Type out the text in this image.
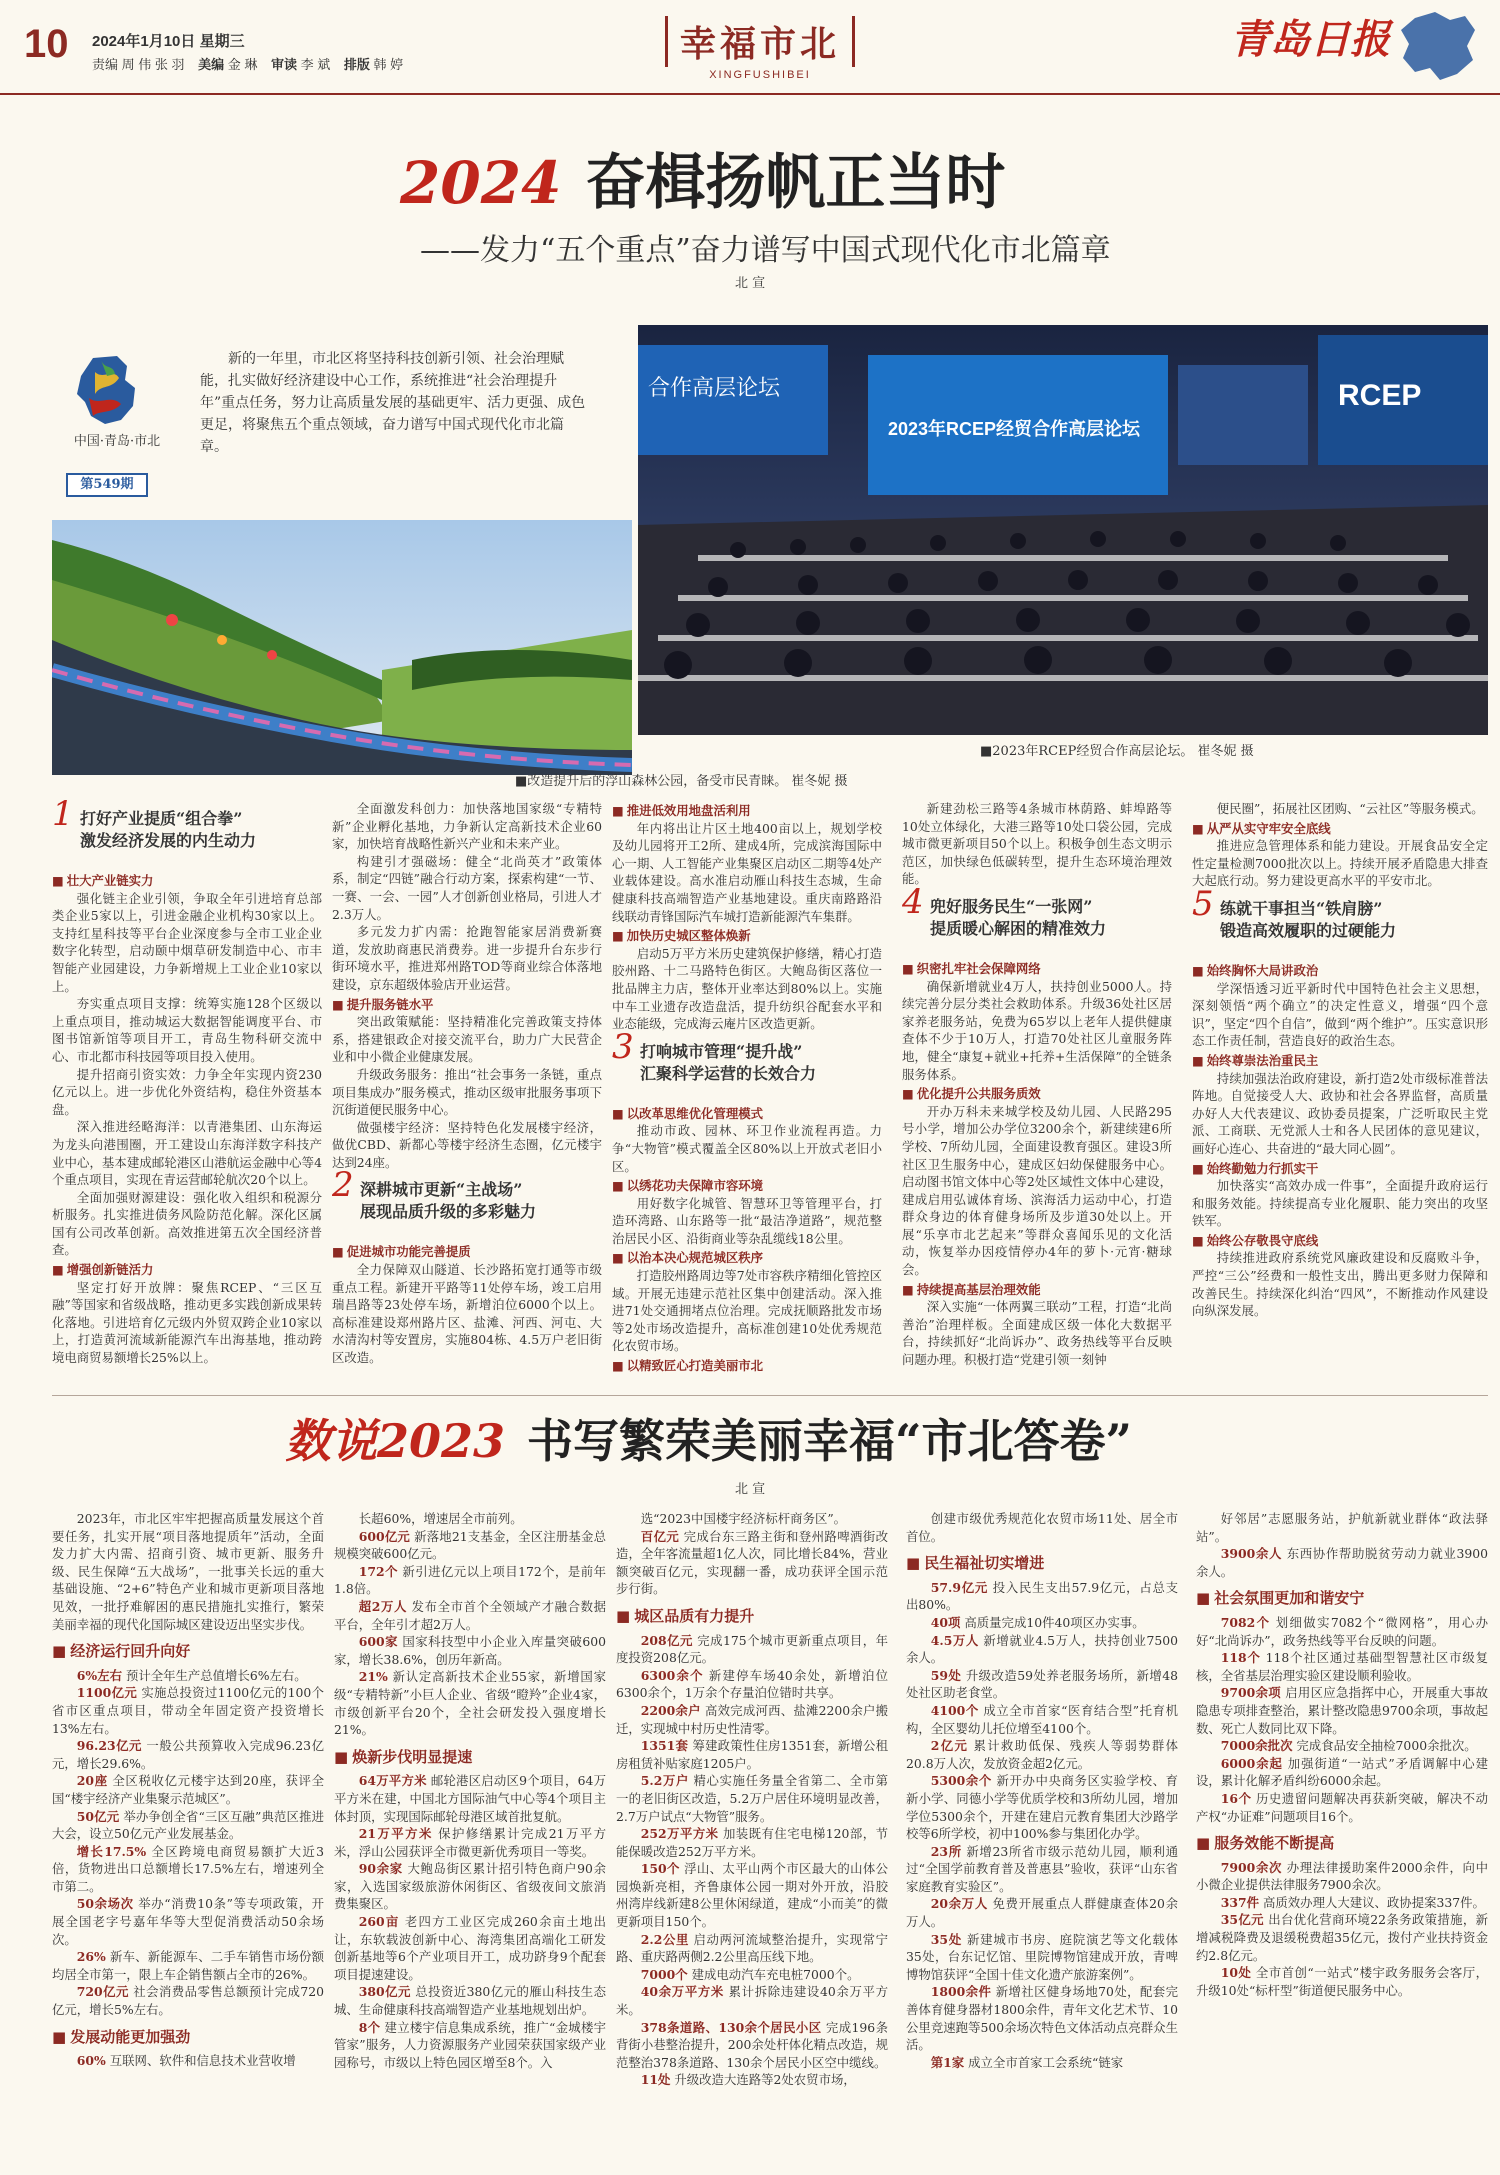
10 2024年1月10日 星期三
责编 周 伟 张 羽 美编 金 琳 审读 李 斌 排版 韩 婷	幸福市北
XINGFUSHIBEI
青岛日报
2024 奋楫扬帆正当时
——发力“五个重点”奋力谱写中国式现代化市北篇章
北 宣
中国·青岛·市北
第549期

新的一年里，市北区将坚持科技创新引领、社会治理赋能，扎实做好经济建设中心工作，系统推进“社会治理提升年”重点任务，努力让高质量发展的基础更牢、活力更强、成色更足，将聚焦五个重点领域，奋力谱写中国式现代化市北篇章。

■改造提升后的浮山森林公园，备受市民青睐。 崔冬妮 摄
合作高层论坛
2023年RCEP经贸合作高层论坛
RCEP
■2023年RCEP经贸合作高层论坛。 崔冬妮 摄
1 打好产业提质“组合拳”
激发经济发展的内生动力

■ 壮大产业链实力

强化链主企业引领，争取全年引进培育总部类企业5家以上，引进金融企业机构30家以上。支持红星科技等平台企业深度参与全市工业企业数字化转型，启动颐中烟草研发制造中心、市丰智能产业园建设，力争新增规上工业企业10家以上。

夯实重点项目支撑：统筹实施128个区级以上重点项目，推动城运大数据智能调度平台、市图书馆新馆等项目开工，青岛生物科研交流中心、市北都市科技园等项目投入使用。

提升招商引资实效：力争全年实现内资230亿元以上。进一步优化外资结构，稳住外资基本盘。

深入推进经略海洋：以青港集团、山东海运为龙头向港围圈，开工建设山东海洋数字科技产业中心，基本建成邮轮港区山港航运金融中心等4个重点项目，实现在青运营邮轮航次20个以上。

全面加强财源建设：强化收入组织和税源分析服务。扎实推进债务风险防范化解。深化区属国有公司改革创新。高效推进第五次全国经济普查。

■ 增强创新链活力

坚定打好开放牌：聚焦RCEP、“三区互融”等国家和省级战略，推动更多实践创新成果转化落地。引进培育亿元级内外贸双跨企业10家以上，打造黄河流域新能源汽车出海基地，推动跨境电商贸易额增长25%以上。

全面激发科创力：加快落地国家级“专精特新”企业孵化基地，力争新认定高新技术企业60家，加快培育战略性新兴产业和未来产业。

构建引才强磁场：健全“北尚英才”政策体系，制定“四链”融合行动方案，探索构建“一节、一赛、一会、一园”人才创新创业格局，引进人才2.3万人。

多元发力扩内需：抢跑智能家居消费新赛道，发放助商惠民消费券。进一步提升台东步行街环境水平，推进郑州路TOD等商业综合体落地建设，京东超级体验店开业运营。

■ 提升服务链水平

突出政策赋能：坚持精准化完善政策支持体系，搭建银政企对接交流平台，助力广大民营企业和中小微企业健康发展。

升级政务服务：推出“社会事务一条链，重点项目集成办”服务模式，推动区级审批服务事项下沉街道便民服务中心。

做强楼宇经济：坚持特色化发展楼宇经济，做优CBD、新都心等楼宇经济生态圈，亿元楼宇达到24座。

2 深耕城市更新“主战场”
展现品质升级的多彩魅力

■ 促进城市功能完善提质

全力保障双山隧道、长沙路拓宽打通等市级重点工程。新建开平路等11处停车场，竣工启用瑞昌路等23处停车场，新增泊位6000个以上。高标准建设郑州路片区、盐滩、河西、河屯、大水清沟村等安置房，实施804栋、4.5万户老旧街区改造。

■ 推进低效用地盘活利用

年内将出让片区土地400亩以上，规划学校及幼儿园将开工2所、建成4所，完成滨海国际中心一期、人工智能产业集聚区启动区二期等4处产业载体建设。高水准启动雁山科技生态城，生命健康科技高端智造产业基地建设。重庆南路路沿线联动青锋国际汽车城打造新能源汽车集群。

■ 加快历史城区整体焕新

启动5万平方米历史建筑保护修缮，精心打造胶州路、十二马路特色街区。大鲍岛街区落位一批品牌主力店，整体开业率达到80%以上。实施中车工业遗存改造盘活，提升纺织谷配套水平和业态能级，完成海云庵片区改造更新。

3 打响城市管理“提升战”
汇聚科学运营的长效合力

■ 以改革思维优化管理模式

推动市政、园林、环卫作业流程再造。力争“大物管”模式覆盖全区80%以上开放式老旧小区。

■ 以绣花功夫保障市容环境

用好数字化城管、智慧环卫等管理平台，打造环湾路、山东路等一批“最洁净道路”，规范整治居民小区、沿街商业等杂乱缆线18公里。

■ 以治本决心规范城区秩序

打造胶州路周边等7处市容秩序精细化管控区域。开展无违建示范社区集中创建活动。深入推进71处交通拥堵点位治理。完成抚顺路批发市场等2处市场改造提升，高标准创建10处优秀规范化农贸市场。

■ 以精致匠心打造美丽市北

新建劲松三路等4条城市林荫路、蚌埠路等10处立体绿化，大港三路等10处口袋公园，完成城市微更新项目50个以上。积极争创生态文明示范区，加快绿色低碳转型，提升生态环境治理效能。

4 兜好服务民生“一张网”
提质暖心解困的精准效力

■ 织密扎牢社会保障网络

确保新增就业4万人，扶持创业5000人。持续完善分层分类社会救助体系。升级36处社区居家养老服务站，免费为65岁以上老年人提供健康查体不少于10万人，打造70处社区儿童服务阵地，健全“康复+就业+托养+生活保障”的全链条服务体系。

■ 优化提升公共服务质效

开办万科未来城学校及幼儿园、人民路295号小学，增加公办学位3200余个，新建续建6所学校、7所幼儿园，全面建设教育强区。建设3所社区卫生服务中心，建成区妇幼保健服务中心。启动图书馆文体中心等2处区域性文体中心建设，建成启用弘诚体育场、滨海活力运动中心，打造群众身边的体育健身场所及步道30处以上。开展“乐享市北艺起来”等群众喜闻乐见的文化活动，恢复举办因疫情停办4年的萝卜·元宵·糖球会。

■ 持续提高基层治理效能

深入实施“一体两翼三联动”工程，打造“北尚善治”治理样板。全面建成区级一体化大数据平台，持续抓好“北尚诉办”、政务热线等平台反映问题办理。积极打造“党建引领一刻钟

便民圈”，拓展社区团购、“云社区”等服务模式。

■ 从严从实守牢安全底线

推进应急管理体系和能力建设。开展食品安全定性定量检测7000批次以上。持续开展矛盾隐患大排查大起底行动。努力建设更高水平的平安市北。

5 练就干事担当“铁肩膀”
锻造高效履职的过硬能力

■ 始终胸怀大局讲政治

学深悟透习近平新时代中国特色社会主义思想，深刻领悟“两个确立”的决定性意义，增强“四个意识”，坚定“四个自信”，做到“两个维护”。压实意识形态工作责任制，营造良好的政治生态。

■ 始终尊崇法治重民主

持续加强法治政府建设，新打造2处市级标准普法阵地。自觉接受人大、政协和社会各界监督，高质量办好人大代表建议、政协委员提案，广泛听取民主党派、工商联、无党派人士和各人民团体的意见建议，画好心连心、共奋进的“最大同心圆”。

■ 始终勤勉力行抓实干

加快落实“高效办成一件事”，全面提升政府运行和服务效能。持续提高专业化履职、能力突出的攻坚铁军。

■ 始终公存敬畏守底线

持续推进政府系统党风廉政建设和反腐败斗争，严控“三公”经费和一般性支出，腾出更多财力保障和改善民生。持续深化纠治“四风”，不断推动作风建设向纵深发展。

数说2023 书写繁荣美丽幸福“市北答卷”
北 宣

2023年，市北区牢牢把握高质量发展这个首要任务，扎实开展“项目落地提质年”活动，全面发力扩大内需、招商引资、城市更新、服务升级、民生保障“五大战场”，一批事关长远的重大基础设施、“2+6”特色产业和城市更新项目落地见效，一批抒难解困的惠民措施扎实推行，繁荣美丽幸福的现代化国际城区建设迈出坚实步伐。

■ 经济运行回升向好

6%左右 预计全年生产总值增长6%左右。

1100亿元 实施总投资过1100亿元的100个省市区重点项目，带动全年固定资产投资增长13%左右。

96.23亿元 一般公共预算收入完成96.23亿元，增长29.6%。

20座 全区税收亿元楼宇达到20座，获评全国“楼宇经济产业集聚示范城区”。

50亿元 举办争创全省“三区互融”典范区推进大会，设立50亿元产业发展基金。

增长17.5% 全区跨境电商贸易额扩大近3倍，货物进出口总额增长17.5%左右，增速列全市第二。

50余场次 举办“消费10条”等专项政策，开展全国老字号嘉年华等大型促消费活动50余场次。

26% 新车、新能源车、二手车销售市场份额均居全市第一，限上车企销售额占全市的26%。

720亿元 社会消费品零售总额预计完成720亿元，增长5%左右。

■ 发展动能更加强劲

60% 互联网、软件和信息技术业营收增

长超60%，增速居全市前列。

600亿元 新落地21支基金，全区注册基金总规模突破600亿元。

172个 新引进亿元以上项目172个，是前年1.8倍。

超2万人 发布全市首个全领域产才融合数据平台，全年引才超2万人。

600家 国家科技型中小企业入库量突破600家，增长38.6%，创历年新高。

21% 新认定高新技术企业55家，新增国家级“专精特新”小巨人企业、省级“瞪羚”企业4家，市级创新平台20个，全社会研发投入强度增长21%。

■ 焕新步伐明显提速

64万平方米 邮轮港区启动区9个项目，64万平方米在建，中国北方国际油气中心等4个项目主体封顶，实现国际邮轮母港区域首批复航。

21万平方米 保护修缮累计完成21万平方米，浮山公园获评全市微更新优秀项目一等奖。

90余家 大鲍岛街区累计招引特色商户90余家，入选国家级旅游休闲街区、省级夜间文旅消费集聚区。

260亩 老四方工业区完成260余亩土地出让，东软载波创新中心、海湾集团高端化工研发创新基地等6个产业项目开工，成功跻身9个配套项目提速建设。

380亿元 总投资近380亿元的雁山科技生态城、生命健康科技高端智造产业基地规划出炉。

8个 建立楼宇信息集成系统，推广“金城楼宇管家”服务，人力资源服务产业园荣获国家级产业园称号，市级以上特色园区增至8个。入

选“2023中国楼宇经济标杆商务区”。

百亿元 完成台东三路主街和登州路啤酒街改造，全年客流量超1亿人次，同比增长84%，营业额突破百亿元，实现翻一番，成功获评全国示范步行街。

■ 城区品质有力提升

208亿元 完成175个城市更新重点项目，年度投资208亿元。

6300余个 新建停车场40余处，新增泊位6300余个，1万余个存量泊位错时共享。

2200余户 高效完成河西、盐滩2200余户搬迁，实现城中村历史性清零。

1351套 筹建政策性住房1351套，新增公租房租赁补贴家庭1205户。

5.2万户 精心实施任务量全省第二、全市第一的老旧街区改造，5.2万户居住环境明显改善，2.7万户试点“大物管”服务。

252万平方米 加装既有住宅电梯120部，节能保暖改造252万平方米。

150个 浮山、太平山两个市区最大的山体公园焕新亮相，齐鲁康体公园一期对外开放，沿胶州湾岸线新建8公里休闲绿道，建成“小而美”的微更新项目150个。

2.2公里 启动两河流域整治提升，实现常宁路、重庆路两侧2.2公里高压线下地。

7000个 建成电动汽车充电桩7000个。

40余万平方米 累计拆除违建设40余万平方米。

378条道路、130余个居民小区 完成196条背街小巷整治提升，200余处杆体化精点改造，规范整治378条道路、130余个居民小区空中缆线。

11处 升级改造大连路等2处农贸市场，

创建市级优秀规范化农贸市场11处、居全市首位。

■ 民生福祉切实增进

57.9亿元 投入民生支出57.9亿元，占总支出80%。

40项 高质量完成10件40项区办实事。

4.5万人 新增就业4.5万人，扶持创业7500余人。

59处 升级改造59处养老服务场所，新增48处社区助老食堂。

4100个 成立全市首家“医育结合型”托育机构，全区婴幼儿托位增至4100个。

2亿元 累计救助低保、残疾人等弱势群体20.8万人次，发放资金超2亿元。

5300余个 新开办中央商务区实验学校、育新小学、同德小学等优质学校和3所幼儿园，增加学位5300余个，开建在建启元教育集团大沙路学校等6所学校，初中100%参与集团化办学。

23所 新增23所省市级示范幼儿园，顺利通过“全国学前教育普及普惠县”验收，获评“山东省家庭教育实验区”。

20余万人 免费开展重点人群健康查体20余万人。

35处 新建城市书房、庭院演艺等文化载体35处，台东记忆馆、里院博物馆建成开放，青啤博物馆获评“全国十佳文化遗产旅游案例”。

1800余件 新增社区健身场地70处，配套完善体育健身器材1800余件，青年文化艺术节、10公里竞速跑等500余场次特色文体活动点亮群众生活。

第1家 成立全市首家工会系统“链家

好邻居”志愿服务站，护航新就业群体“政法驿站”。

3900余人 东西协作帮助脱贫劳动力就业3900余人。

■ 社会氛围更加和谐安宁

7082个 划细做实7082个“微网格”，用心办好“北尚诉办”，政务热线等平台反映的问题。

118个 118个社区通过基础型智慧社区市级复核，全省基层治理实验区建设顺利验收。

9700余项 启用区应急指挥中心，开展重大事故隐患专项排查整治，累计整改隐患9700余项，事故起数、死亡人数同比双下降。

7000余批次 完成食品安全抽检7000余批次。

6000余起 加强街道“一站式”矛盾调解中心建设，累计化解矛盾纠纷6000余起。

16个 历史遗留问题解决再获新突破，解决不动产权“办证难”问题项目16个。

■ 服务效能不断提高

7900余次 办理法律援助案件2000余件，向中小微企业提供法律服务7900余次。

337件 高质效办理人大建议、政协提案337件。

35亿元 出台优化营商环境22条务政策措施，新增减税降费及退缓税费超35亿元，拨付产业扶持资金约2.8亿元。

10处 全市首创“一站式”楼宇政务服务会客厅，升级10处“标杆型”街道便民服务中心。
